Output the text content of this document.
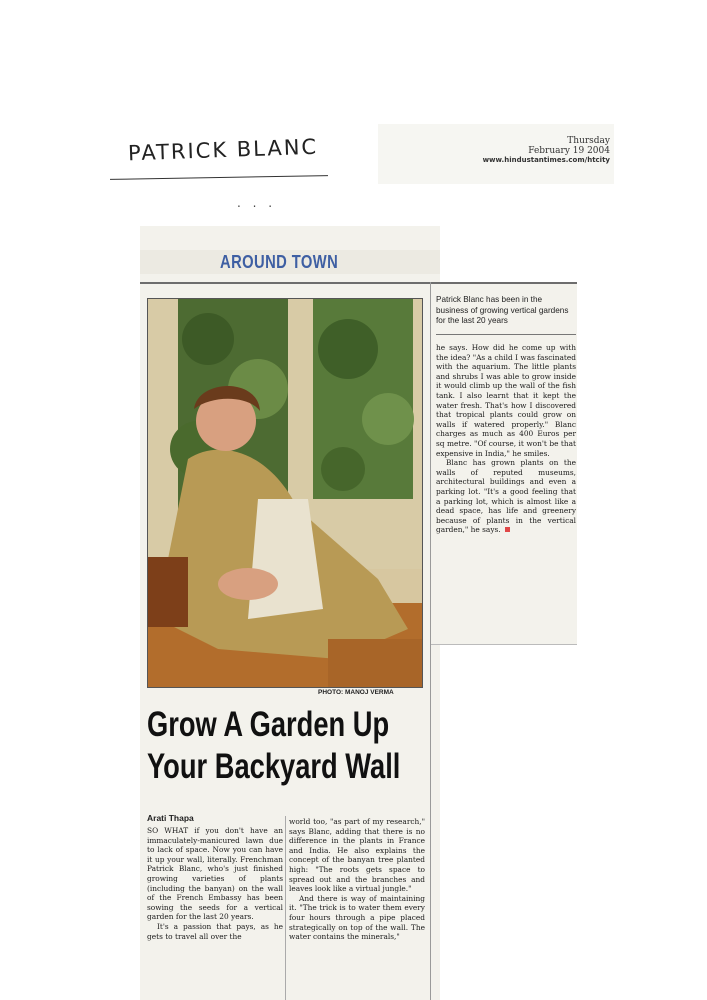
PATRICK BLANC
. . .
Thursday
February 19 2004
www.hindustantimes.com/htcity
AROUND TOWN
PHOTO: MANOJ VERMA
Patrick Blanc has been in the business of growing vertical gardens for the last 20 years

he says. How did he come up with the idea? "As a child I was fascinated with the aquarium. The little plants and shrubs I was able to grow inside it would climb up the wall of the fish tank. I also learnt that it kept the water fresh. That's how I discovered that tropical plants could grow on walls if watered properly." Blanc charges as much as 400 Euros per sq metre. "Of course, it won't be that expensive in India," he smiles.

Blanc has grown plants on the walls of reputed museums, architectural buildings and even a parking lot. "It's a good feeling that a parking lot, which is almost like a dead space, has life and greenery because of plants in the vertical garden," he says.

Grow A Garden Up
Your Backyard Wall
Arati Thapa

SO WHAT if you don't have an immaculately-manicured lawn due to lack of space. Now you can have it up your wall, literally. Frenchman Patrick Blanc, who's just finished growing varieties of plants (including the banyan) on the wall of the French Embassy has been sowing the seeds for a vertical garden for the last 20 years.

It's a passion that pays, as he gets to travel all over the

world too, "as part of my research," says Blanc, adding that there is no difference in the plants in France and India. He also explains the concept of the banyan tree planted high: "The roots gets space to spread out and the branches and leaves look like a virtual jungle."

And there is way of maintaining it. "The trick is to water them every four hours through a pipe placed strategically on top of the wall. The water contains the minerals,"
